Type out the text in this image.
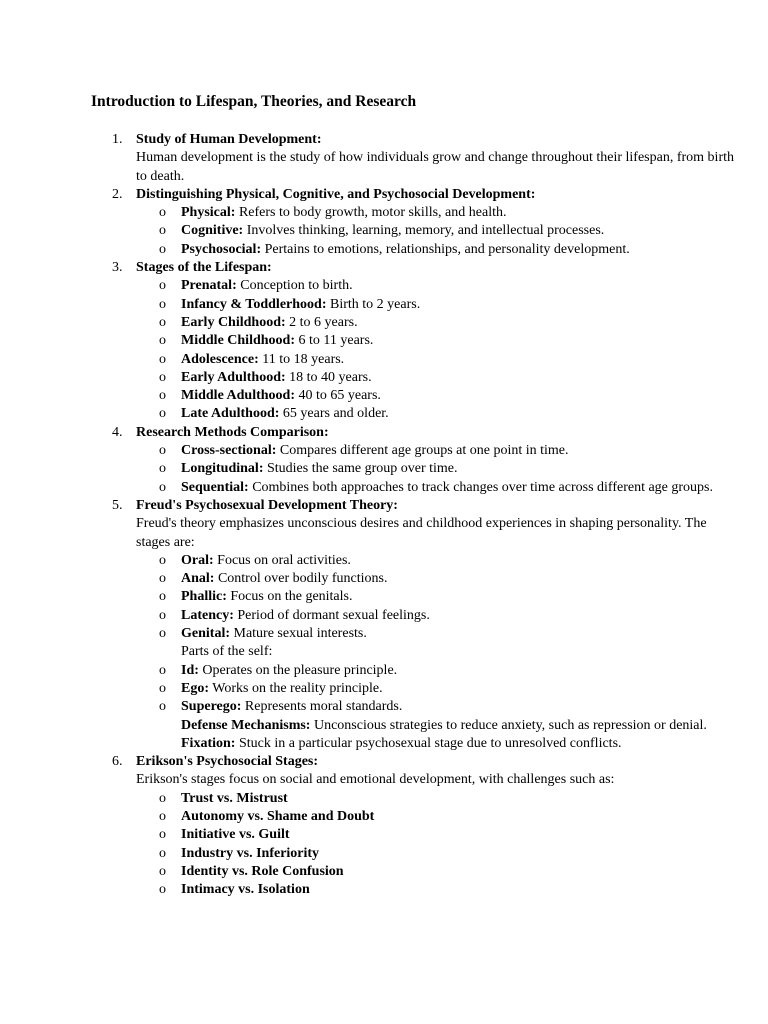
Introduction to Lifespan, Theories, and Research
1. Study of Human Development:
Human development is the study of how individuals grow and change throughout their lifespan, from birth to death.
2. Distinguishing Physical, Cognitive, and Psychosocial Development:
o Physical: Refers to body growth, motor skills, and health.
o Cognitive: Involves thinking, learning, memory, and intellectual processes.
o Psychosocial: Pertains to emotions, relationships, and personality development.
3. Stages of the Lifespan:
o Prenatal: Conception to birth.
o Infancy & Toddlerhood: Birth to 2 years.
o Early Childhood: 2 to 6 years.
o Middle Childhood: 6 to 11 years.
o Adolescence: 11 to 18 years.
o Early Adulthood: 18 to 40 years.
o Middle Adulthood: 40 to 65 years.
o Late Adulthood: 65 years and older.
4. Research Methods Comparison:
o Cross-sectional: Compares different age groups at one point in time.
o Longitudinal: Studies the same group over time.
o Sequential: Combines both approaches to track changes over time across different age groups.
5. Freud's Psychosexual Development Theory:
Freud's theory emphasizes unconscious desires and childhood experiences in shaping personality. The stages are:
o Oral: Focus on oral activities.
o Anal: Control over bodily functions.
o Phallic: Focus on the genitals.
o Latency: Period of dormant sexual feelings.
o Genital: Mature sexual interests.
Parts of the self:
o Id: Operates on the pleasure principle.
o Ego: Works on the reality principle.
o Superego: Represents moral standards.
Defense Mechanisms: Unconscious strategies to reduce anxiety, such as repression or denial.
Fixation: Stuck in a particular psychosexual stage due to unresolved conflicts.
6. Erikson's Psychosocial Stages:
Erikson's stages focus on social and emotional development, with challenges such as:
o Trust vs. Mistrust
o Autonomy vs. Shame and Doubt
o Initiative vs. Guilt
o Industry vs. Inferiority
o Identity vs. Role Confusion
o Intimacy vs. Isolation
